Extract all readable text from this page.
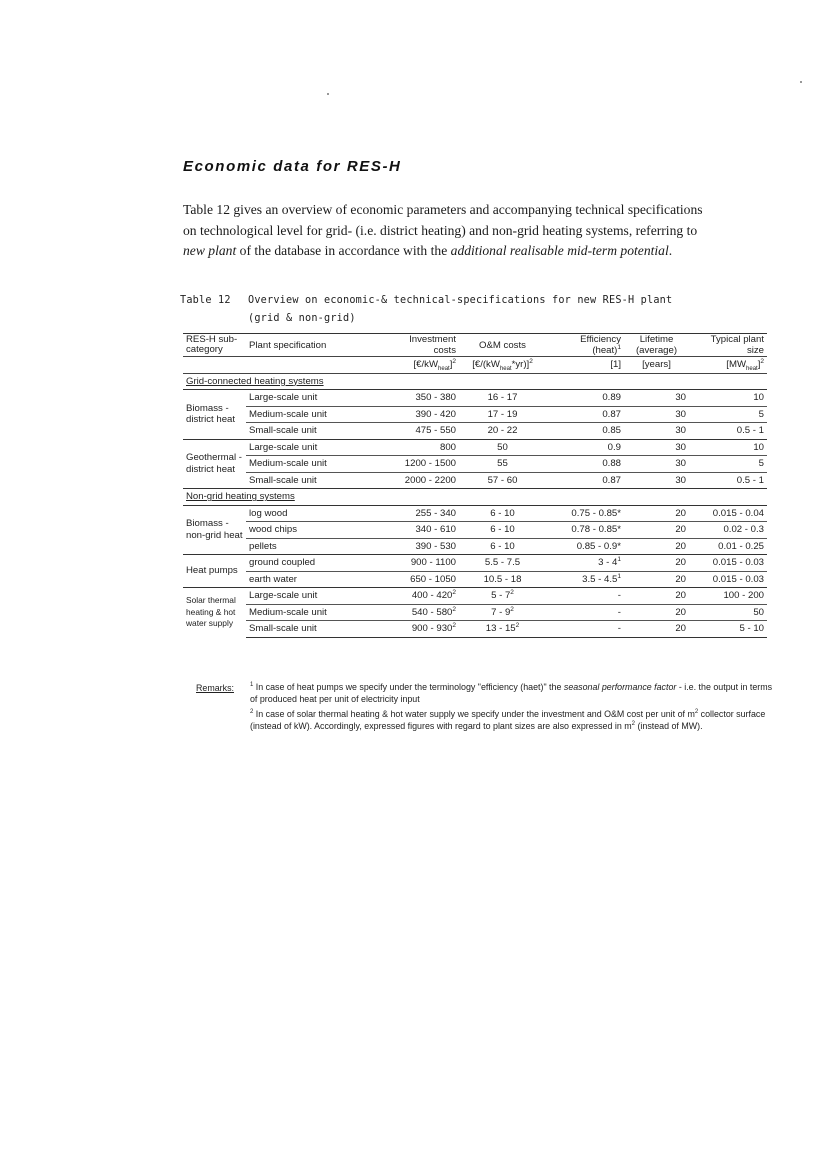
Economic data for RES-H
Table 12 gives an overview of economic parameters and accompanying technical specifications on technological level for grid- (i.e. district heating) and non-grid heating systems, referring to new plant of the database in accordance with the additional realisable mid-term potential.
Table 12 Overview on economic-& technical-specifications for new RES-H plant (grid & non-grid)
RES-H sub-category	Plant specification	Investment costs	O&M costs	Efficiency (heat)$^1$	Lifetime (average)	Typical plant size
		$[€/kW_{heat}]^2$	$[€/(kW_{heat}*yr)]^2$	[1]	[years]	$[MW_{heat}]^2$
Grid-connected heating systems						
Biomass - district heat	Large-scale unit	350 - 380	16 - 17	0.89	30	10
	Medium-scale unit	390 - 420	17 - 19	0.87	30	5
	Small-scale unit	475 - 550	20 - 22	0.85	30	0.5 - 1
Geothermal - district heat	Large-scale unit	800	50	0.9	30	10
	Medium-scale unit	1200 - 1500	55	0.88	30	5
	Small-scale unit	2000 - 2200	57 - 60	0.87	30	0.5 - 1
Non-grid heating systems						
Biomass - non-grid heat	log wood	255 - 340	6 - 10	0.75 - 0.85*	20	0.015 - 0.04
	wood chips	340 - 610	6 - 10	0.78 - 0.85*	20	0.02 - 0.3
	pellets	390 - 530	6 - 10	0.85 - 0.9*	20	0.01 - 0.25
Heat pumps	ground coupled	900 - 1100	5.5 - 7.5	$3 - 4^1$	20	0.015 - 0.03
	earth water	650 - 1050	10.5 - 18	$3.5 - 4.5^1$	20	0.015 - 0.03
Solar thermal heating & hot water supply	Large-scale unit	$400 - 420^2$	$5 - 7^2$	-	20	100 - 200
	Medium-scale unit	$540 - 580^2$	$7 - 9^2$	-	20	50
	Small-scale unit	$900 - 930^2$	$13 - 15^2$	-	20	5 - 10
Remarks:	$^1$ In case of heat pumps we specify under the terminology "efficiency (haet)" the seasonal performance factor - i.e. the output in terms of produced heat per unit of electricity input
$^2$ In case of solar thermal heating & hot water supply we specify under the investment and O&M cost per unit of $m^2$ collector surface (instead of kW). Accordingly, expressed figures with regard to plant sizes are also expressed in $m^2$ (instead of MW).
